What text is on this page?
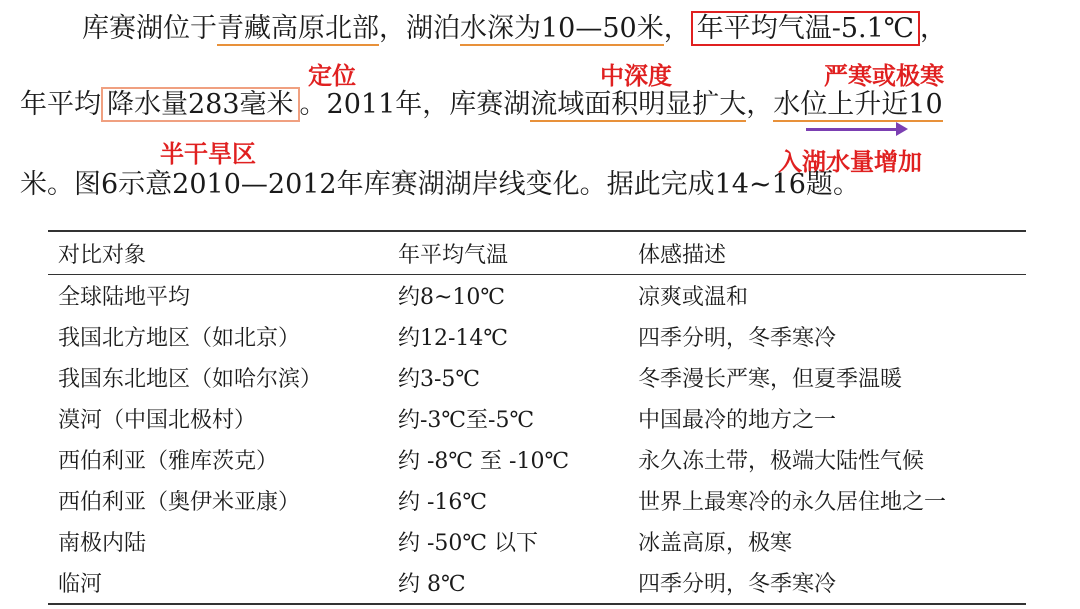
库赛湖位于青藏高原北部，湖泊水深为10—50米， 年平均气温-5.1℃ ，
定位	中深度	严寒或极寒
年平均 降水量283毫米 。2011年，库赛湖流域面积明显扩大，水位上升近10
半干旱区	入湖水量增加
米。图6示意2010—2012年库赛湖湖岸线变化。据此完成14~16题。
对比对象	年平均气温	体感描述
全球陆地平均	约8~10℃	凉爽或温和
我国北方地区（如北京）	约12-14℃	四季分明，冬季寒冷
我国东北地区（如哈尔滨）	约3-5℃	冬季漫长严寒，但夏季温暖
漠河（中国北极村）	约-3℃至-5℃	中国最冷的地方之一
西伯利亚（雅库茨克）	约 -8℃ 至 -10℃	永久冻土带，极端大陆性气候
西伯利亚（奥伊米亚康）	约 -16℃	世界上最寒冷的永久居住地之一
南极内陆	约 -50℃ 以下	冰盖高原，极寒
临河	约 8℃	四季分明，冬季寒冷
